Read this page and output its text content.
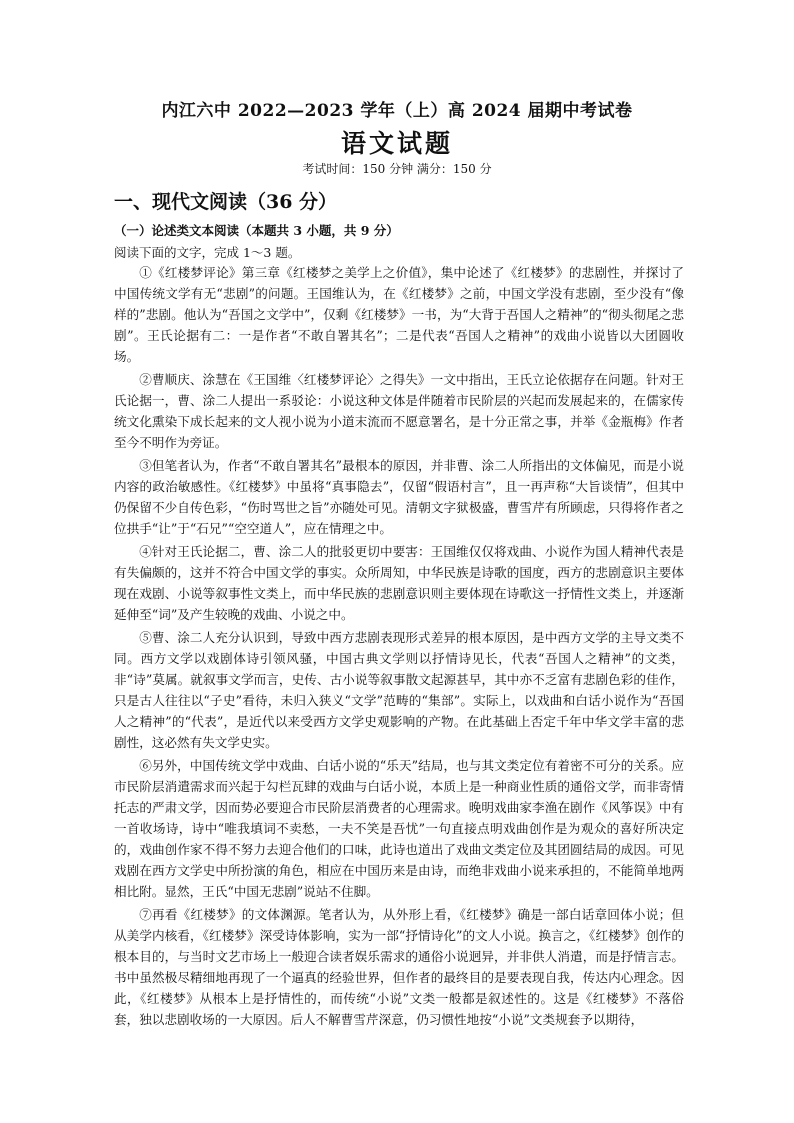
内江六中 2022—2023 学年（上）高 2024 届期中考试卷
语文试题
考试时间：150 分钟 满分：150 分
一、现代文阅读（36 分）
（一）论述类文本阅读（本题共 3 小题，共 9 分）
阅读下面的文字，完成 1～3 题。

①《红楼梦评论》第三章《红楼梦之美学上之价值》，集中论述了《红楼梦》的悲剧性，并探讨了中国传统文学有无“悲剧”的问题。王国维认为，在《红楼梦》之前，中国文学没有悲剧，至少没有“像样的”悲剧。他认为“吾国之文学中”，仅剩《红楼梦》一书，为“大背于吾国人之精神”的“彻头彻尾之悲剧”。王氏论据有二：一是作者“不敢自署其名”；二是代表“吾国人之精神”的戏曲小说皆以大团圆收场。

②曹顺庆、涂慧在《王国维〈红楼梦评论〉之得失》一文中指出，王氏立论依据存在问题。针对王氏论据一，曹、涂二人提出一系驳论：小说这种文体是伴随着市民阶层的兴起而发展起来的，在儒家传统文化熏染下成长起来的文人视小说为小道末流而不愿意署名，是十分正常之事，并举《金瓶梅》作者至今不明作为旁证。

③但笔者认为，作者“不敢自署其名”最根本的原因，并非曹、涂二人所指出的文体偏见，而是小说内容的政治敏感性。《红楼梦》中虽将“真事隐去”，仅留“假语村言”，且一再声称“大旨谈情”，但其中仍保留不少自传色彩，“伤时骂世之旨”亦随处可见。清朝文字狱极盛，曹雪芹有所顾虑，只得将作者之位拱手“让”于“石兄”“空空道人”，应在情理之中。

④针对王氏论据二，曹、涂二人的批驳更切中要害：王国维仅仅将戏曲、小说作为国人精神代表是有失偏颇的，这并不符合中国文学的事实。众所周知，中华民族是诗歌的国度，西方的悲剧意识主要体现在戏剧、小说等叙事性文类上，而中华民族的悲剧意识则主要体现在诗歌这一抒情性文类上，并逐渐延伸至“词”及产生较晚的戏曲、小说之中。

⑤曹、涂二人充分认识到，导致中西方悲剧表现形式差异的根本原因，是中西方文学的主导文类不同。西方文学以戏剧体诗引领风骚，中国古典文学则以抒情诗见长，代表“吾国人之精神”的文类，非“诗”莫属。就叙事文学而言，史传、古小说等叙事散文起源甚早，其中亦不乏富有悲剧色彩的佳作，只是古人往往以“子史”看待，未归入狭义“文学”范畴的“集部”。实际上，以戏曲和白话小说作为“吾国人之精神”的“代表”，是近代以来受西方文学史观影响的产物。在此基础上否定千年中华文学丰富的悲剧性，这必然有失文学史实。

⑥另外，中国传统文学中戏曲、白话小说的“乐天”结局，也与其文类定位有着密不可分的关系。应市民阶层消遣需求而兴起于勾栏瓦肆的戏曲与白话小说，本质上是一种商业性质的通俗文学，而非寄情托志的严肃文学，因而势必要迎合市民阶层消费者的心理需求。晚明戏曲家李渔在剧作《风筝误》中有一首收场诗，诗中“唯我填词不卖愁，一夫不笑是吾忧”一句直接点明戏曲创作是为观众的喜好所决定的，戏曲创作家不得不努力去迎合他们的口味，此诗也道出了戏曲文类定位及其团圆结局的成因。可见戏剧在西方文学史中所扮演的角色，相应在中国历来是由诗，而绝非戏曲小说来承担的，不能简单地两相比附。显然，王氏“中国无悲剧”说站不住脚。

⑦再看《红楼梦》的文体渊源。笔者认为，从外形上看，《红楼梦》确是一部白话章回体小说；但从美学内核看，《红楼梦》深受诗体影响，实为一部“抒情诗化”的文人小说。换言之，《红楼梦》创作的根本目的，与当时文艺市场上一般迎合读者娱乐需求的通俗小说迥异，并非供人消遣，而是抒情言志。书中虽然极尽精细地再现了一个逼真的经验世界，但作者的最终目的是要表现自我，传达内心理念。因此，《红楼梦》从根本上是抒情性的，而传统“小说”文类一般都是叙述性的。这是《红楼梦》不落俗套，独以悲剧收场的一大原因。后人不解曹雪芹深意，仍习惯性地按“小说”文类规套予以期待，
